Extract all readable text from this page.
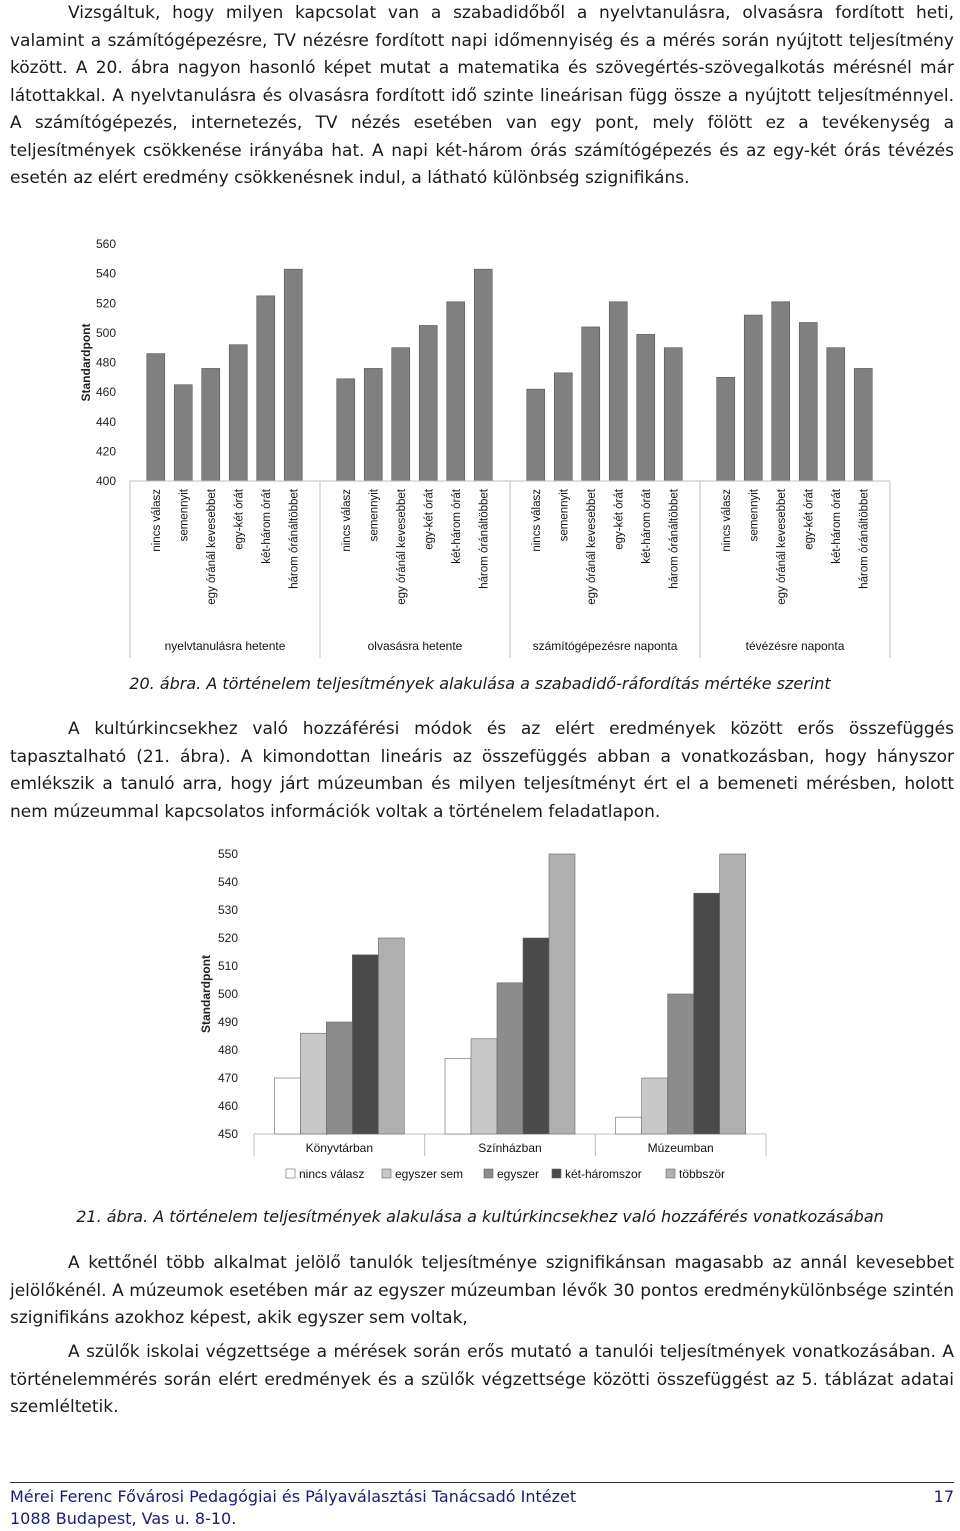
Vizsgáltuk, hogy milyen kapcsolat van a szabadidőből a nyelvtanulásra, olvasásra fordított heti, valamint a számítógépezésre, TV nézésre fordított napi időmennyiség és a mérés során nyújtott teljesítmény között. A 20. ábra nagyon hasonló képet mutat a matematika és szövegértés-szövegalkotás mérésnél már látottakkal. A nyelvtanulásra és olvasásra fordított idő szinte lineárisan függ össze a nyújtott teljesítménnyel. A számítógépezés, internetezés, TV nézés esetében van egy pont, mely fölött ez a tevékenység a teljesítmények csökkenése irányába hat. A napi két-három órás számítógépezés és az egy-két órás tévézés esetén az elért eredmény csökkenésnek indul, a látható különbség szignifikáns.

400
420
440
460
480
500
520
540
560
Standardpont
nincs válasz semennyit egy óránál kevesebbet egy-két órát két-három órát három óránáltöbbet
nyelvtanulásra hetente
nincs válasz semennyit egy óránál kevesebbet egy-két órát két-három órát három óránáltöbbet
olvasásra hetente
nincs válasz semennyit egy óránál kevesebbet egy-két órát két-három órát három óránáltöbbet
számítógépezésre naponta
nincs válasz semennyit egy óránál kevesebbet egy-két órát két-három órát három óránáltöbbet
tévézésre naponta

20. ábra. A történelem teljesítmények alakulása a szabadidő-ráfordítás mértéke szerint

A kultúrkincsekhez való hozzáférési módok és az elért eredmények között erős összefüggés tapasztalható (21. ábra). A kimondottan lineáris az összefüggés abban a vonatkozásban, hogy hányszor emlékszik a tanuló arra, hogy járt múzeumban és milyen teljesítményt ért el a bemeneti mérésben, holott nem múzeummal kapcsolatos információk voltak a történelem feladatlapon.

450
460
470
480
490
500
510
520
530
540
550
Standardpont
Könyvtárban	Színházban	Múzeumban
nincs válasz	egyszer sem	egyszer két-háromszor	többször

21. ábra. A történelem teljesítmények alakulása a kultúrkincsekhez való hozzáférés vonatkozásában

A kettőnél több alkalmat jelölő tanulók teljesítménye szignifikánsan magasabb az annál kevesebbet jelölőkénél. A múzeumok esetében már az egyszer múzeumban lévők 30 pontos eredménykülönbsége szintén szignifikáns azokhoz képest, akik egyszer sem voltak,

A szülők iskolai végzettsége a mérések során erős mutató a tanulói teljesítmények vonatkozásában. A történelemmérés során elért eredmények és a szülők végzettsége közötti összefüggést az 5. táblázat adatai szemléltetik.

Mérei Ferenc Fővárosi Pedagógiai és Pályaválasztási Tanácsadó Intézet
1088 Budapest, Vas u. 8-10.
17
